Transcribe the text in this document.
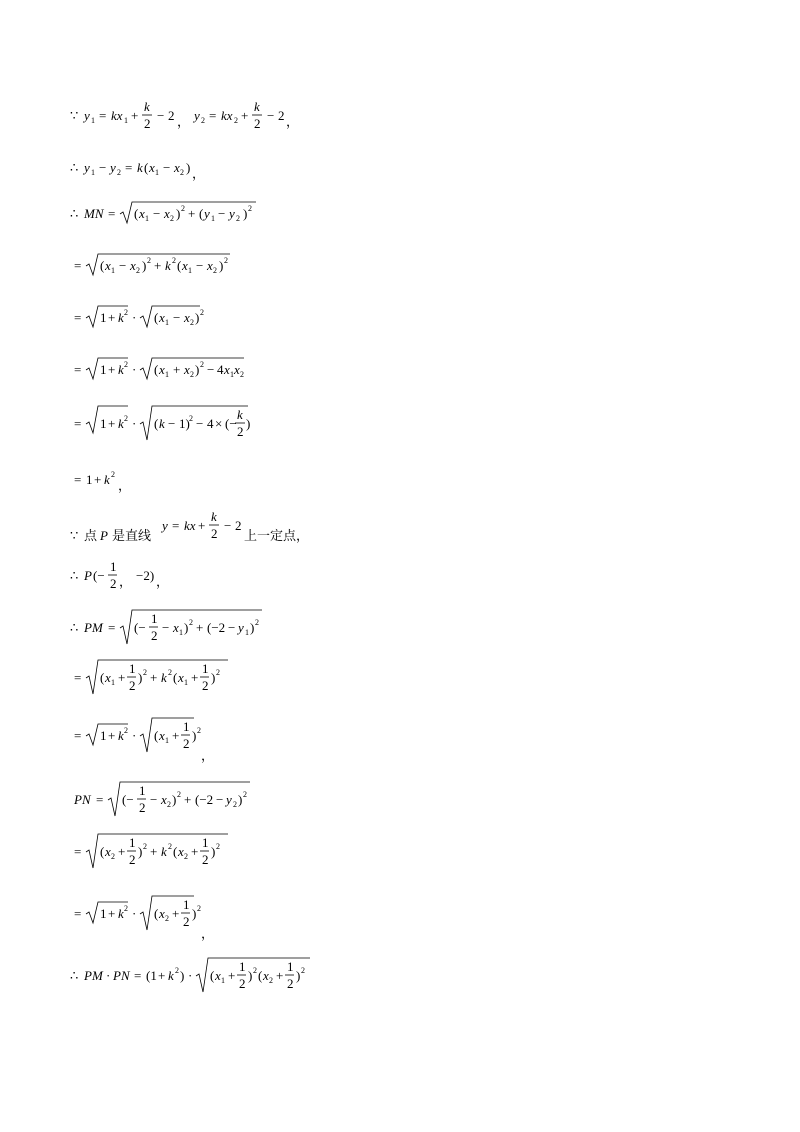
∵ y 1 = kx 1 +
k
2
− 2 ， y 2 = kx 2 +
k
2
− 2 ，
∴ y 1 − y 2 = k ( x 1 − x 2 ) ，
∴ MN = ( x 1 − x 2 ) 2 + ( y 1 − y 2 ) 2
= ( x 1 − x 2 ) 2 + k 2 ( x 1 − x 2 ) 2
= 1 + k 2 · ( x 1 − x 2 ) 2
= 1 + k 2 · ( x 1 + x 2 ) 2 − 4 x 1 x 2
= 1 + k 2 · ( k − 1) 2 − 4 × (−
k
2
)
= 1 + k 2
，
∵ 点 P 是直线
y = kx +
k
2
− 2
上一定点，
∴ P (−
1
2 ， −2) ，
∴ PM = (−
1
2
− x 1 ) 2 + (−2 − y 1 ) 2
= ( x 1 +
1
2
) 2 + k 2 ( x 1 +
1
2
) 2
= 1 + k 2 · ( x 1 +
1
2
) 2
，
PN = (−
1
2
− x 2 ) 2 + (−2 − y 2 ) 2
= ( x 2 +
1
2
) 2 + k 2 ( x 2 +
1
2
) 2
= 1 + k 2 · ( x 2 +
1
2
) 2
，
∴ PM · PN = (1 + k 2 ) · ( x 1 +
1
2
) 2 ( x 2 +
1
2
) 2
